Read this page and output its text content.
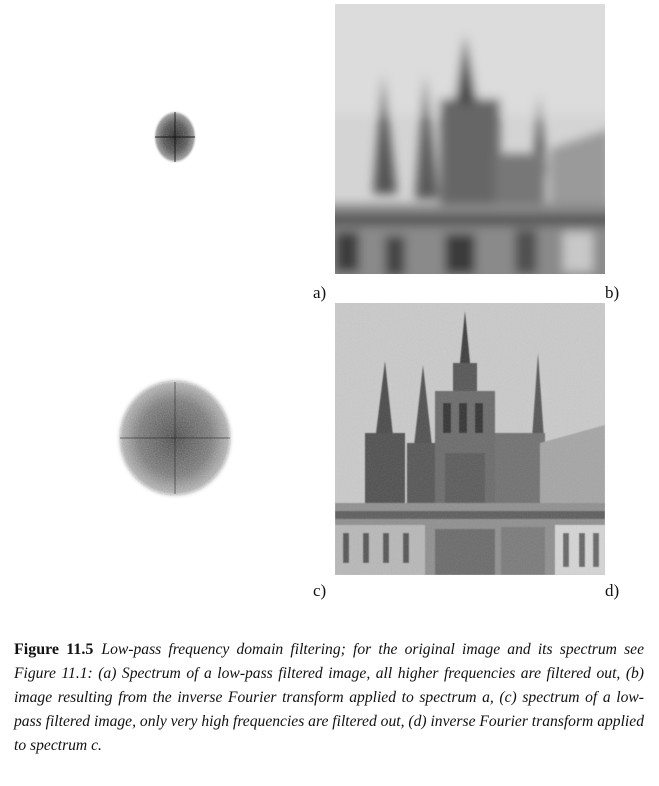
a)	b)
c)	d)
Figure 11.5 Low-pass frequency domain filtering; for the original image and its spectrum see Figure 11.1: (a) Spectrum of a low-pass filtered image, all higher frequencies are filtered out, (b) image resulting from the inverse Fourier transform applied to spectrum a, (c) spectrum of a low-pass filtered image, only very high frequencies are filtered out, (d) inverse Fourier transform applied to spectrum c.
